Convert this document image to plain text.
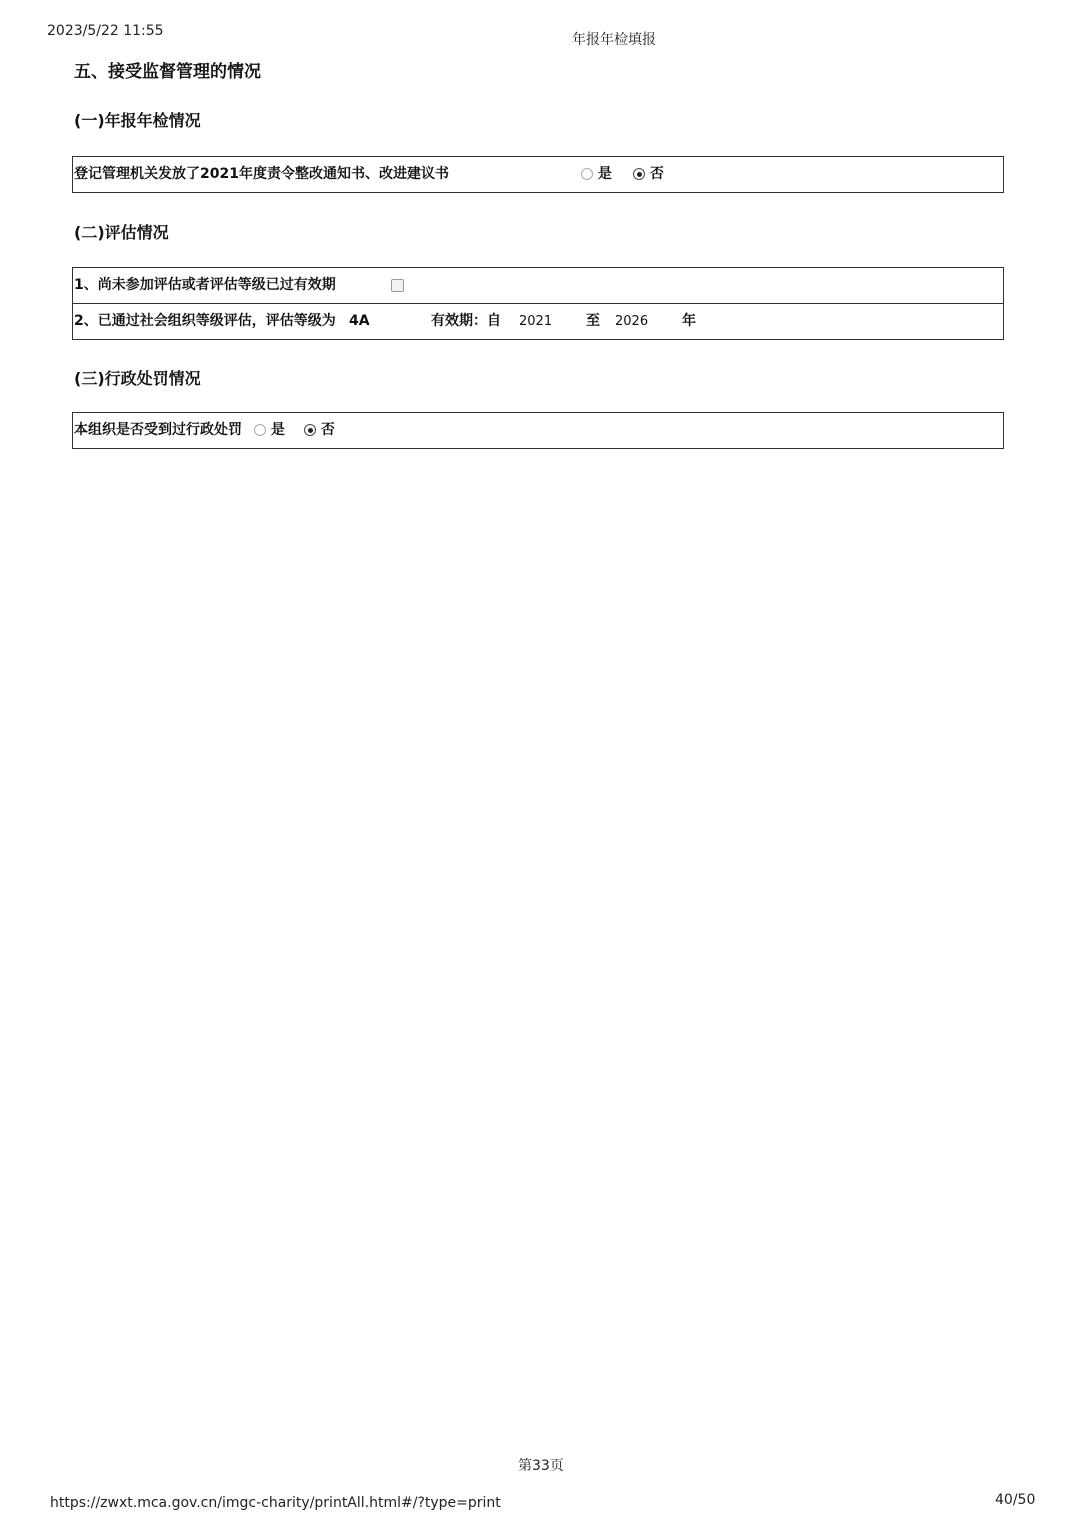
2023/5/22 11:55
年报年检填报
五、接受监督管理的情况
(一)年报年检情况
登记管理机关发放了2021年度责令整改通知书、改进建议书	是	否
(二)评估情况
1、尚未参加评估或者评估等级已过有效期
2、已通过社会组织等级评估，评估等级为 4A	有效期：自 2021 至 2026 年
(三)行政处罚情况
本组织是否受到过行政处罚	是	否
第33页
https://zwxt.mca.gov.cn/imgc-charity/printAll.html#/?type=print	40/50
